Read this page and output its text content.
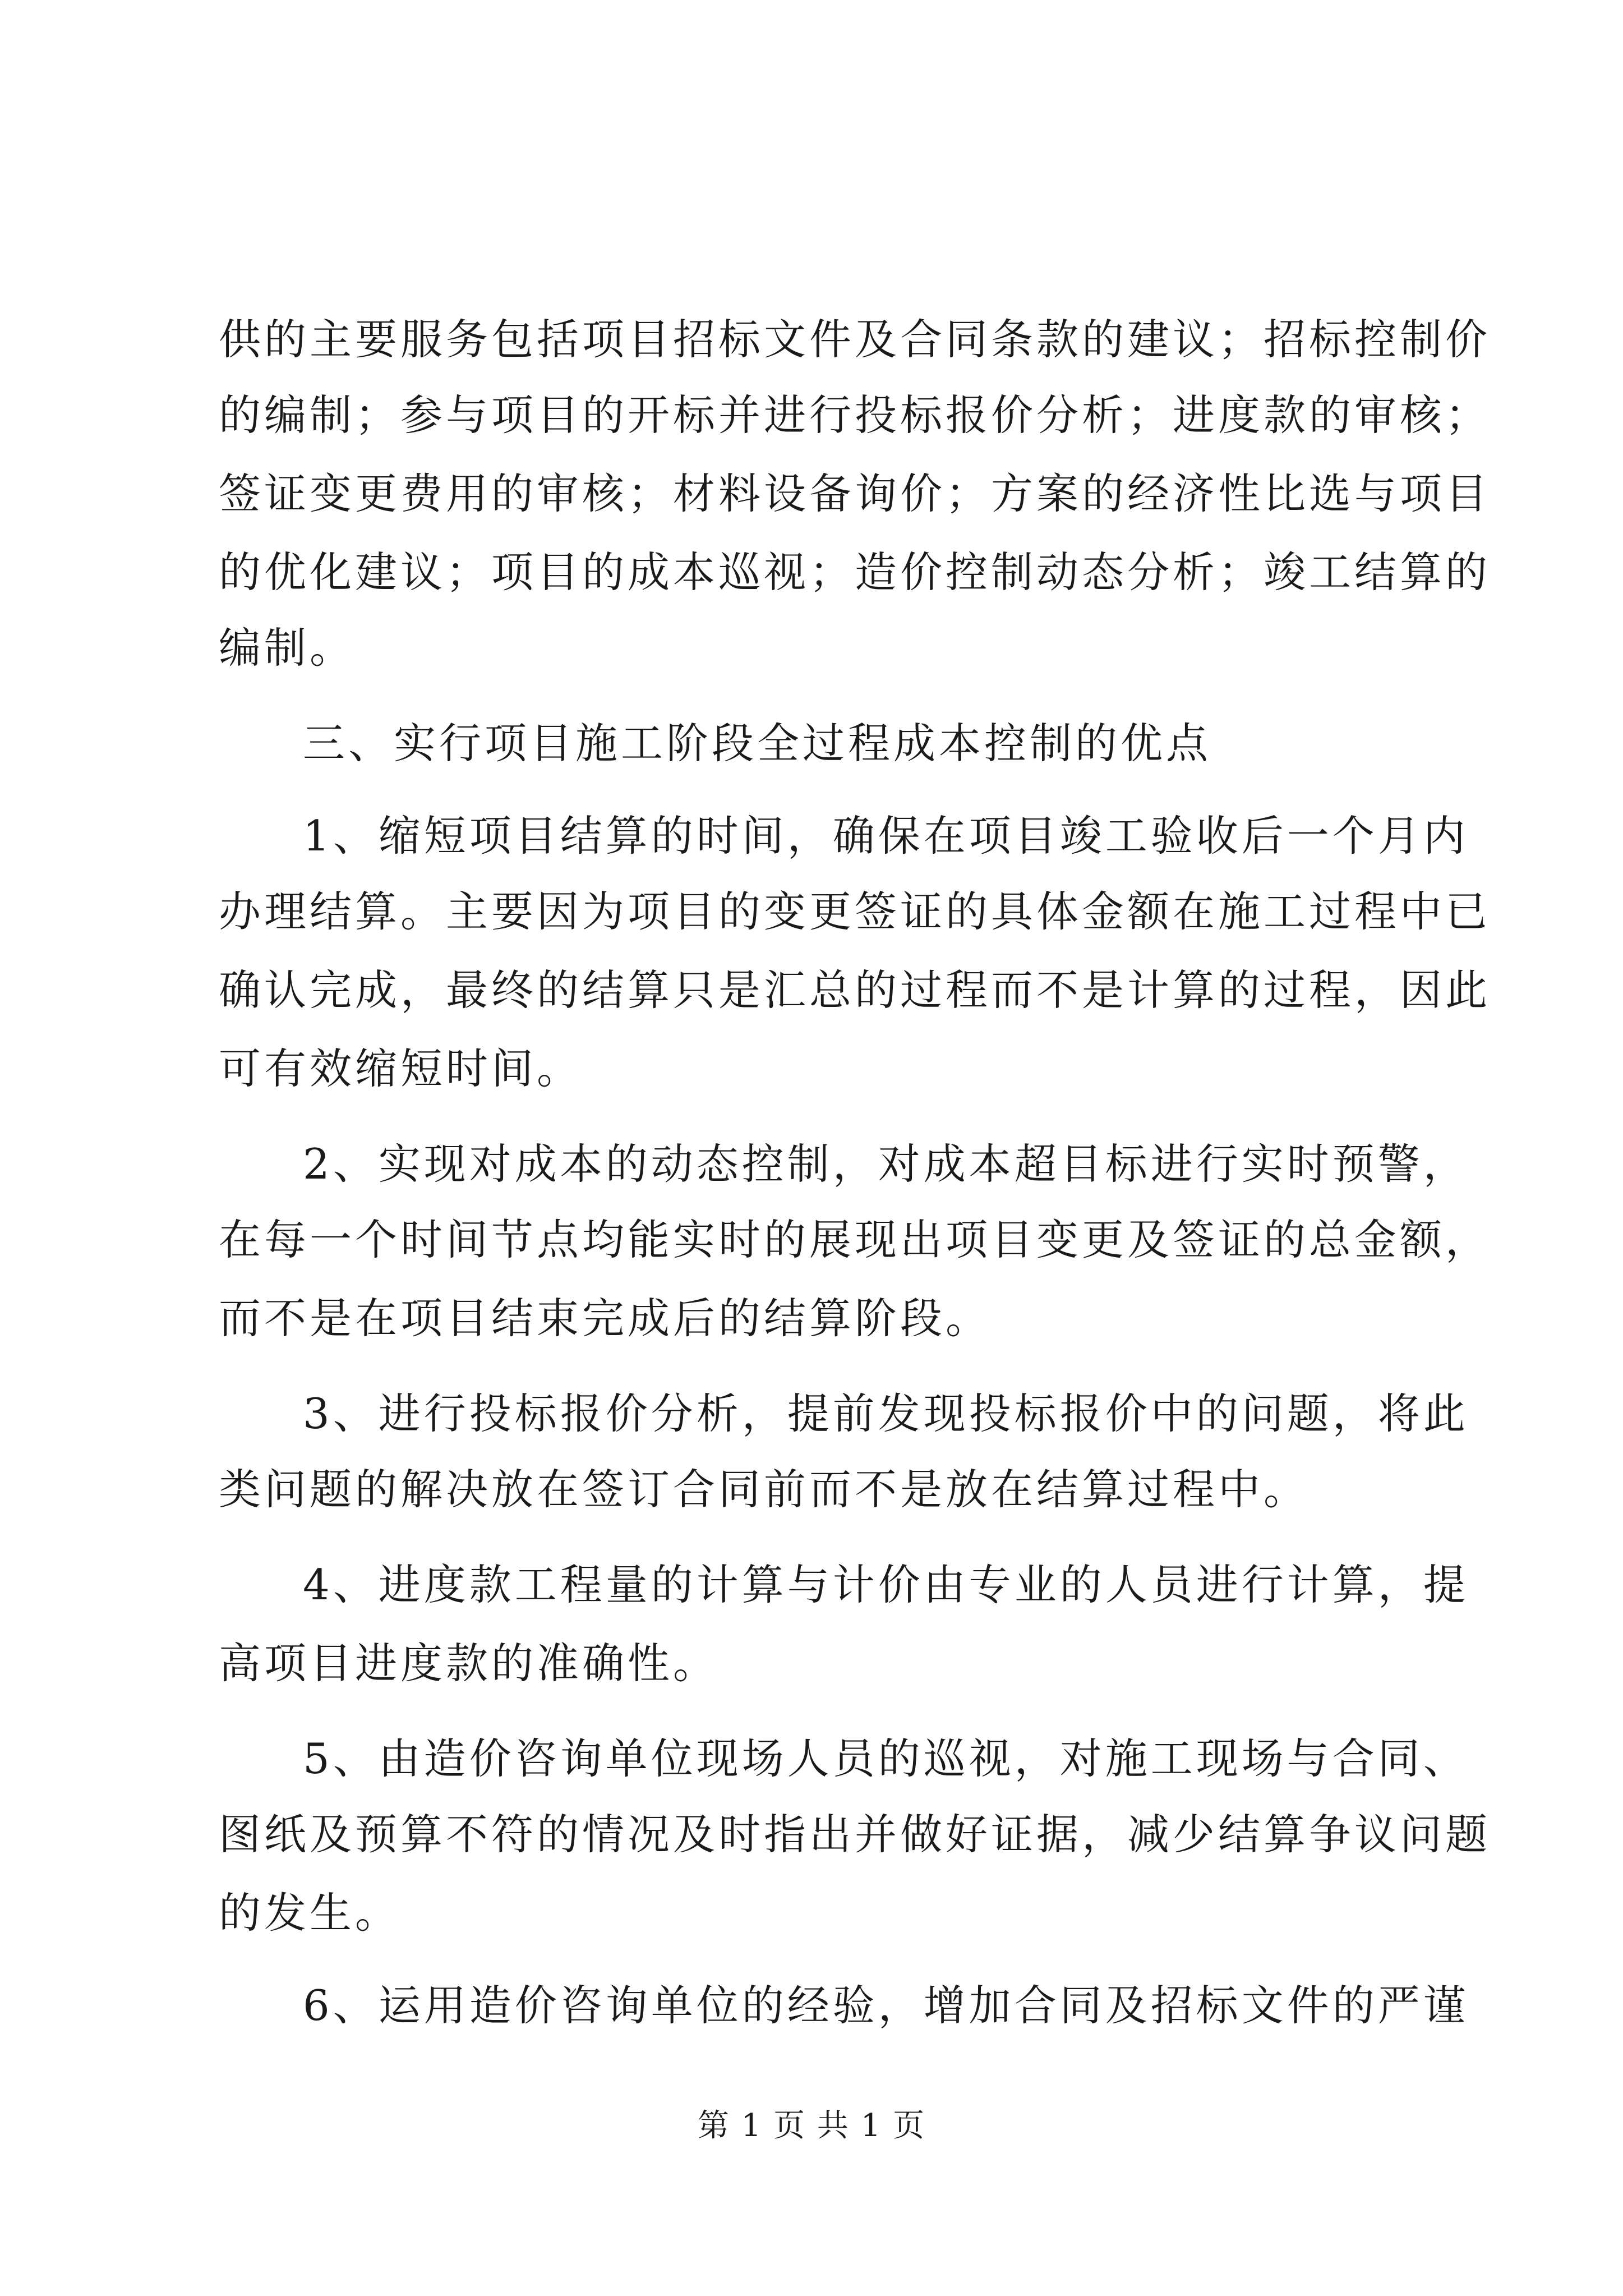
供的主要服务包括项目招标文件及合同条款的建议；招标控制价
的编制；参与项目的开标并进行投标报价分析；进度款的审核；
签证变更费用的审核；材料设备询价；方案的经济性比选与项目
的优化建议；项目的成本巡视；造价控制动态分析；竣工结算的
编制。
三、实行项目施工阶段全过程成本控制的优点
1、缩短项目结算的时间，确保在项目竣工验收后一个月内
办理结算。主要因为项目的变更签证的具体金额在施工过程中已
确认完成，最终的结算只是汇总的过程而不是计算的过程，因此
可有效缩短时间。
2、实现对成本的动态控制，对成本超目标进行实时预警，
在每一个时间节点均能实时的展现出项目变更及签证的总金额，
而不是在项目结束完成后的结算阶段。
3、进行投标报价分析，提前发现投标报价中的问题，将此
类问题的解决放在签订合同前而不是放在结算过程中。
4、进度款工程量的计算与计价由专业的人员进行计算，提
高项目进度款的准确性。
5、由造价咨询单位现场人员的巡视，对施工现场与合同、
图纸及预算不符的情况及时指出并做好证据，减少结算争议问题
的发生。
6、运用造价咨询单位的经验，增加合同及招标文件的严谨
第 1 页 共 1 页
